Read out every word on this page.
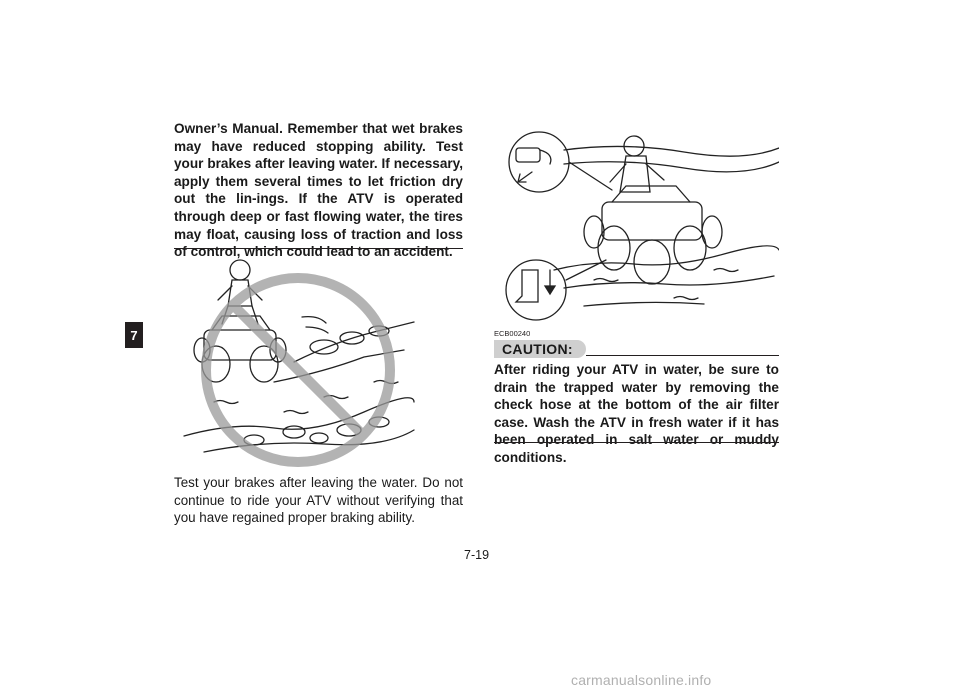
7

Owner’s Manual. Remember that wet brakes may have reduced stopping ability. Test your brakes after leaving water. If necessary, apply them several times to let friction dry out the lin-ings. If the ATV is operated through deep or fast flowing water, the tires may float, causing loss of traction and loss of control, which could lead to an accident.

Test your brakes after leaving the water. Do not continue to ride your ATV without verifying that you have regained proper braking ability.

ECB00240
CAUTION:

After riding your ATV in water, be sure to drain the trapped water by removing the check hose at the bottom of the air filter case. Wash the ATV in fresh water if it has been operated in salt water or muddy conditions.

7-19
carmanualsonline.info
